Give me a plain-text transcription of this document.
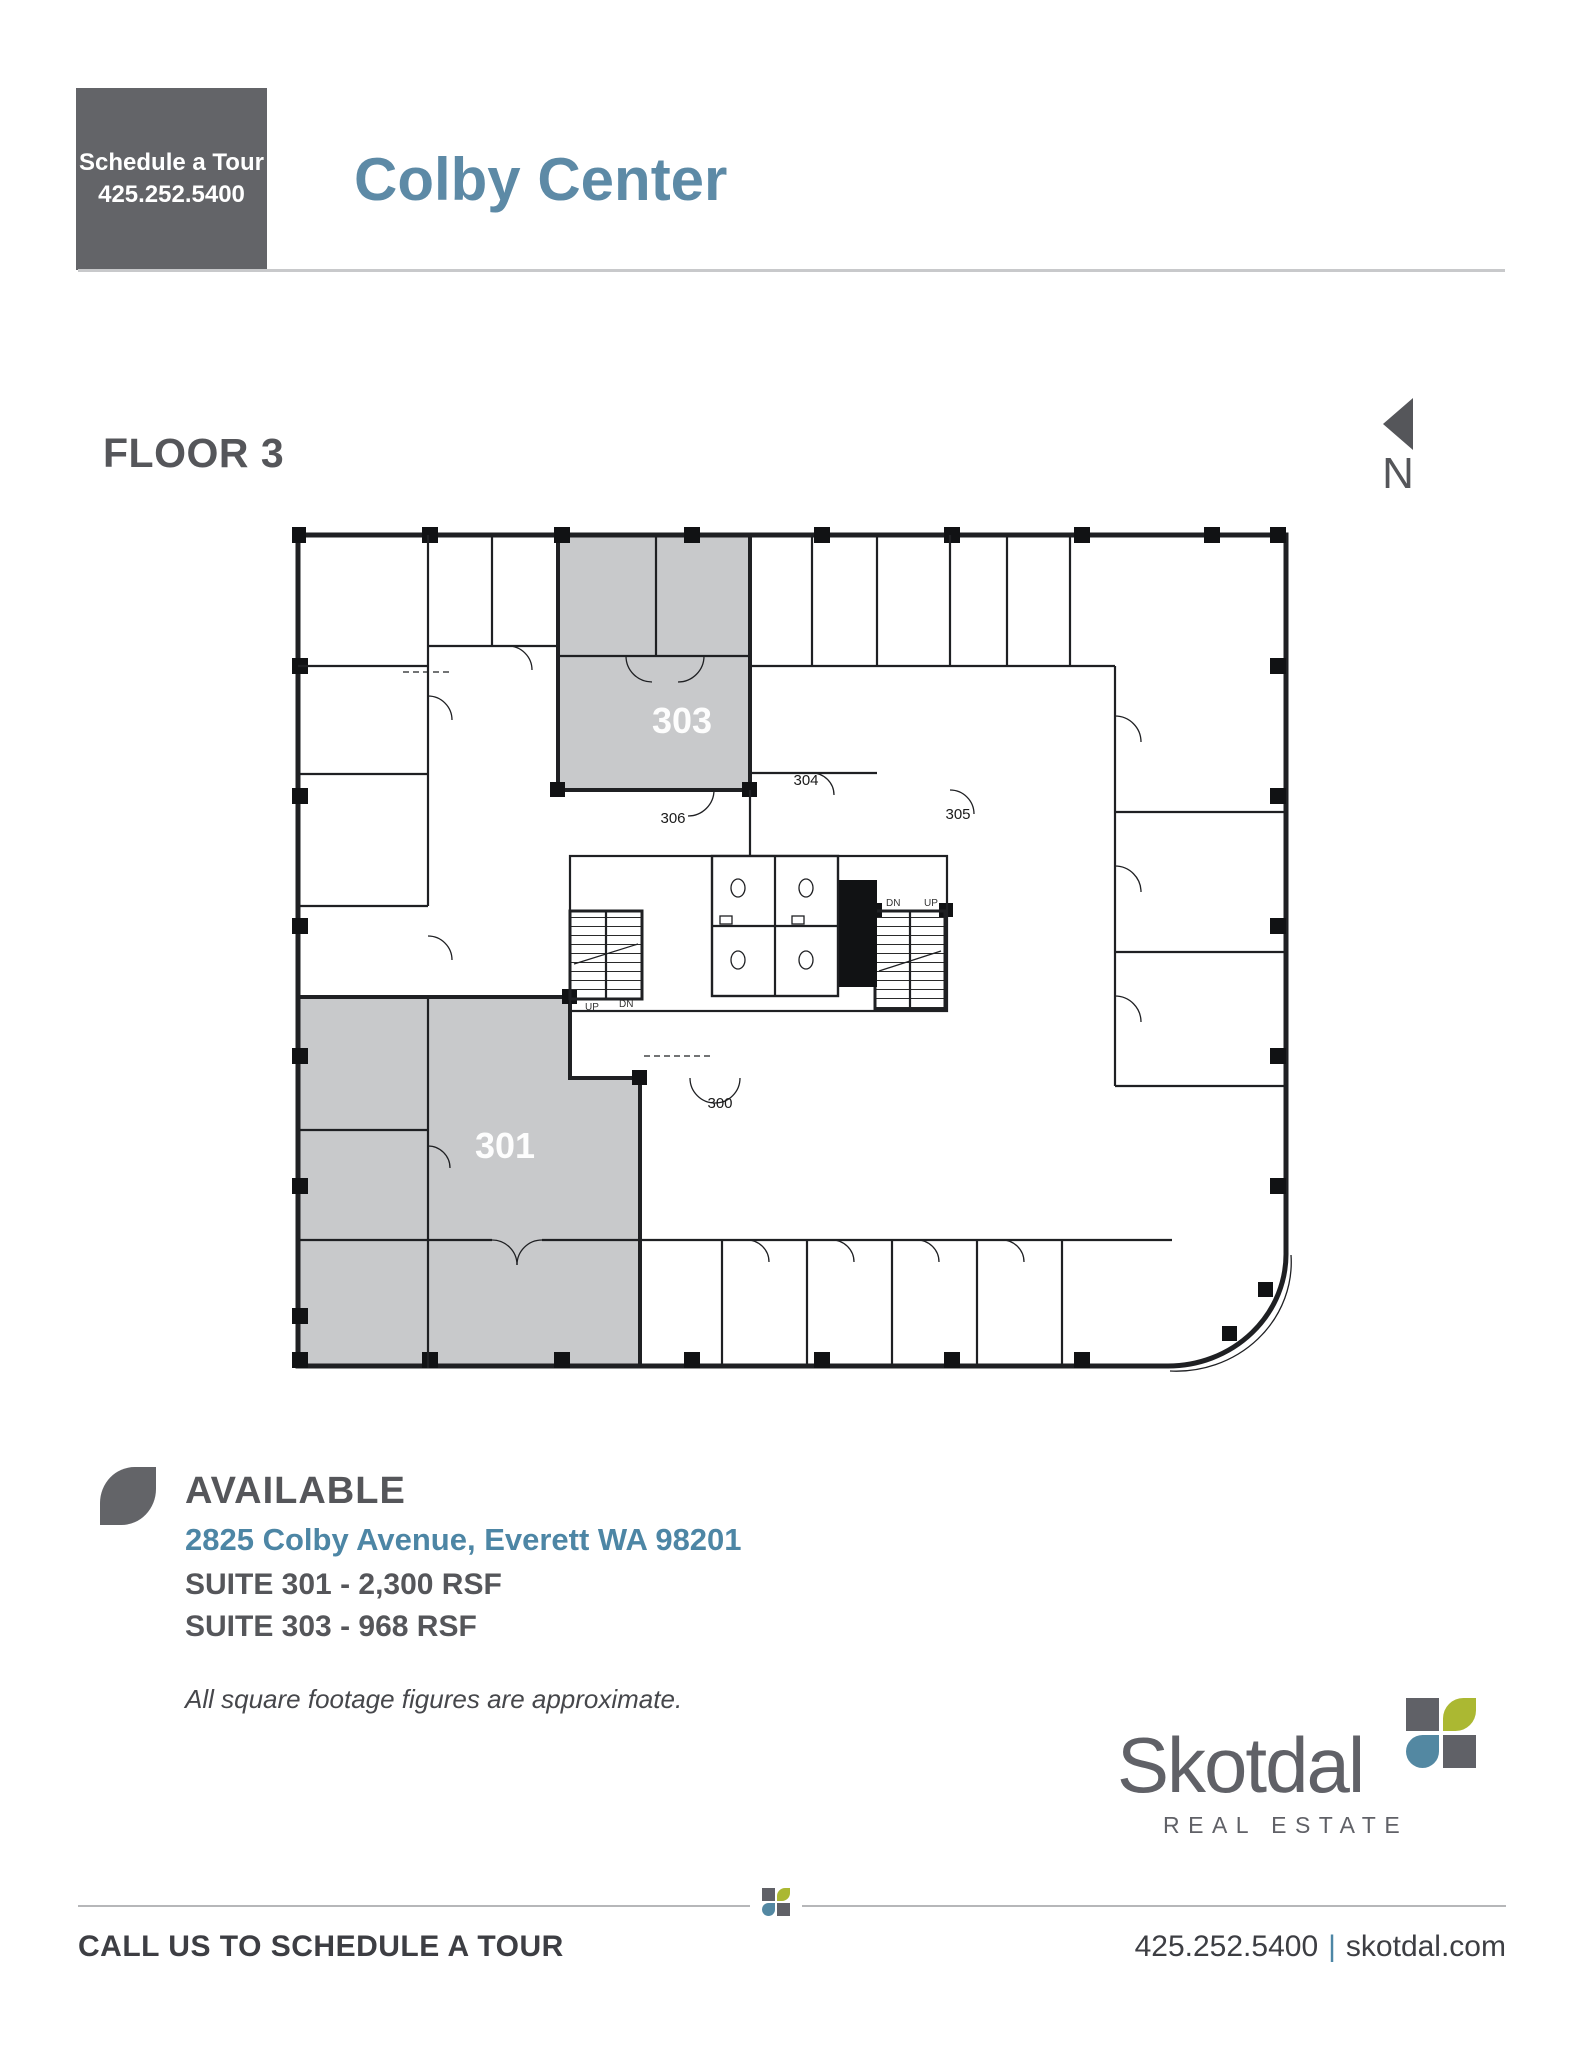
Schedule a Tour
425.252.5400 Colby Center
FLOOR 3	N
303
301
306
304
305
300
UP DN
DN UP
AVAILABLE
2825 Colby Avenue, Everett WA 98201
SUITE 301 - 2,300 RSF
SUITE 303 - 968 RSF
All square footage figures are approximate.
Skotdal
REAL ESTATE
CALL US TO SCHEDULE A TOUR	425.252.5400 | skotdal.com
